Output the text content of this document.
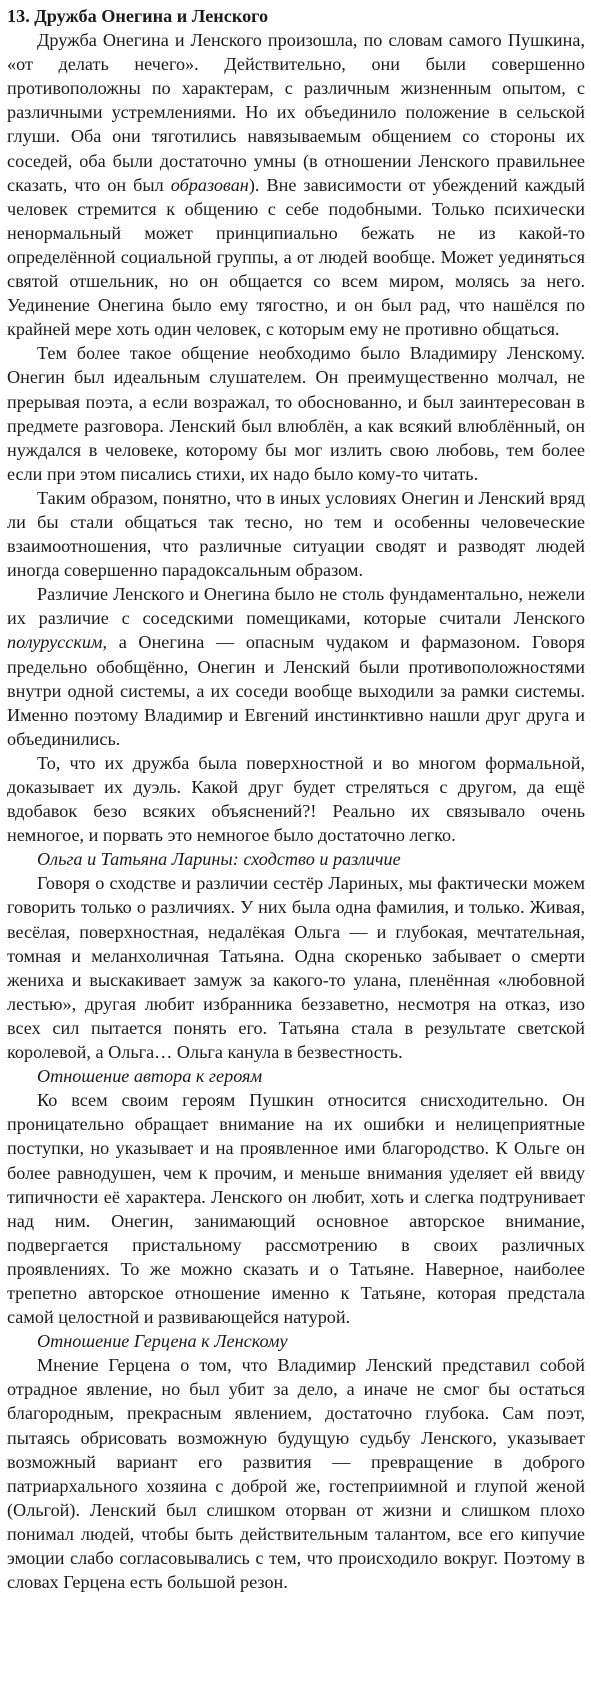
13. Дружба Онегина и Ленского

Дружба Онегина и Ленского произошла, по словам самого Пушкина, «от делать нечего». Действительно, они были совершенно противоположны по характерам, с различным жизненным опытом, с различными устремлениями. Но их объединило положение в сельской глуши. Оба они тяготились навязываемым общением со стороны их соседей, оба были достаточно умны (в отношении Ленского правильнее сказать, что он был образован). Вне зависимости от убеждений каждый человек стремится к общению с себе подобными. Только психически ненормальный может принципиально бежать не из какой-то определённой социальной группы, а от людей вообще. Может уединяться святой отшельник, но он общается со всем миром, молясь за него. Уединение Онегина было ему тягостно, и он был рад, что нашёлся по крайней мере хоть один человек, с которым ему не противно общаться.

Тем более такое общение необходимо было Владимиру Ленскому. Онегин был идеальным слушателем. Он преимущественно молчал, не прерывая поэта, а если возражал, то обоснованно, и был заинтересован в предмете разговора. Ленский был влюблён, а как всякий влюблённый, он нуждался в человеке, которому бы мог излить свою любовь, тем более если при этом писались стихи, их надо было кому-то читать.

Таким образом, понятно, что в иных условиях Онегин и Ленский вряд ли бы стали общаться так тесно, но тем и особенны человеческие взаимоотношения, что различные ситуации сводят и разводят людей иногда совершенно парадоксальным образом.

Различие Ленского и Онегина было не столь фундаментально, нежели их различие с соседскими помещиками, которые считали Ленского полурусским, а Онегина — опасным чудаком и фармазоном. Говоря предельно обобщённо, Онегин и Ленский были противоположностями внутри одной системы, а их соседи вообще выходили за рамки системы. Именно поэтому Владимир и Евгений инстинктивно нашли друг друга и объединились.

То, что их дружба была поверхностной и во многом формальной, доказывает их дуэль. Какой друг будет стреляться с другом, да ещё вдобавок безо всяких объяснений?! Реально их связывало очень немногое, и порвать это немногое было достаточно легко.

Ольга и Татьяна Ларины: сходство и различие

Говоря о сходстве и различии сестёр Лариных, мы фактически можем говорить только о различиях. У них была одна фамилия, и только. Живая, весёлая, поверхностная, недалёкая Ольга — и глубокая, мечтательная, томная и меланхоличная Татьяна. Одна скоренько забывает о смерти жениха и выскакивает замуж за какого-то улана, пленённая «любовной лестью», другая любит избранника беззаветно, несмотря на отказ, изо всех сил пытается понять его. Татьяна стала в результате светской королевой, а Ольга… Ольга канула в безвестность.

Отношение автора к героям

Ко всем своим героям Пушкин относится снисходительно. Он проницательно обращает внимание на их ошибки и нелицеприятные поступки, но указывает и на проявленное ими благородство. К Ольге он более равнодушен, чем к прочим, и меньше внимания уделяет ей ввиду типичности её характера. Ленского он любит, хоть и слегка подтрунивает над ним. Онегин, занимающий основное авторское внимание, подвергается пристальному рассмотрению в своих различных проявлениях. То же можно сказать и о Татьяне. Наверное, наиболее трепетно авторское отношение именно к Татьяне, которая предстала самой целостной и развивающейся натурой.

Отношение Герцена к Ленскому

Мнение Герцена о том, что Владимир Ленский представил собой отрадное явление, но был убит за дело, а иначе не смог бы остаться благородным, прекрасным явлением, достаточно глубока. Сам поэт, пытаясь обрисовать возможную будущую судьбу Ленского, указывает возможный вариант его развития — превращение в доброго патриархального хозяина с доброй же, гостеприимной и глупой женой (Ольгой). Ленский был слишком оторван от жизни и слишком плохо понимал людей, чтобы быть действительным талантом, все его кипучие эмоции слабо согласовывались с тем, что происходило вокруг. Поэтому в словах Герцена есть большой резон.
